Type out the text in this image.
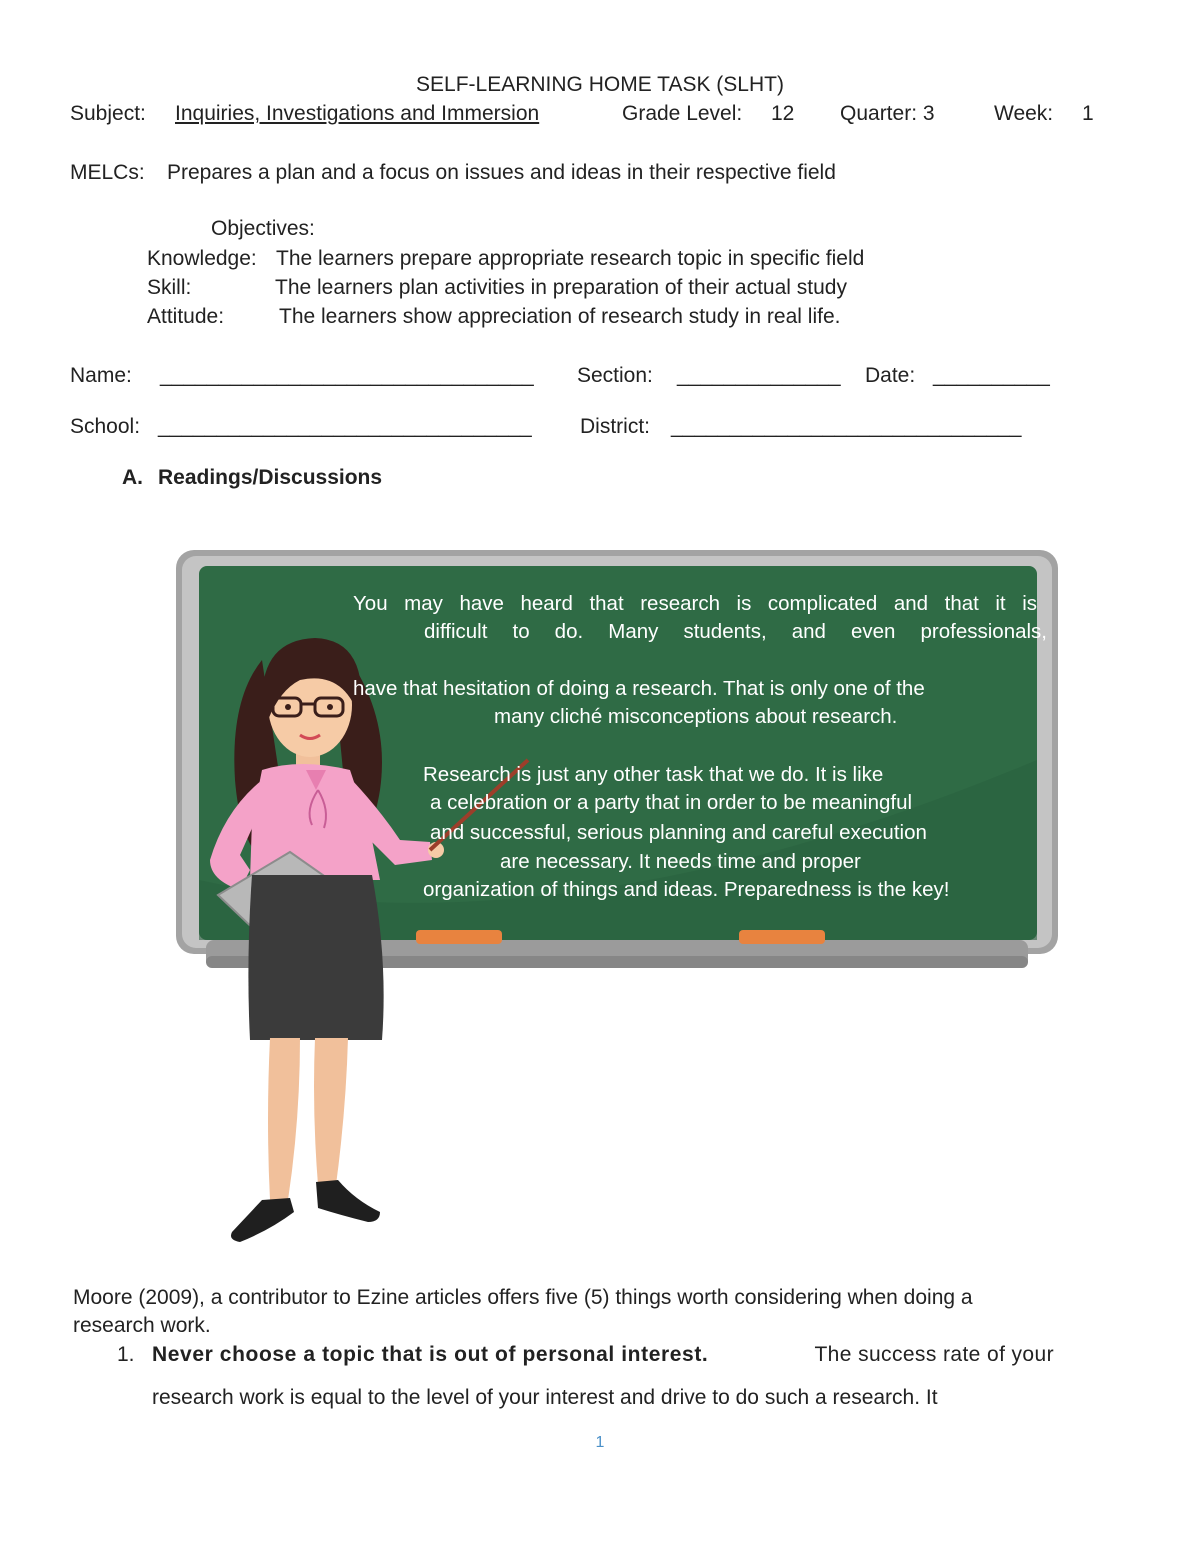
SELF-LEARNING HOME TASK (SLHT)
Subject: Inquiries, Investigations and Immersion	Grade Level: 12 Quarter: 3	Week: 1
MELCs: Prepares a plan and a focus on issues and ideas in their respective field
Objectives:
Knowledge: The learners prepare appropriate research topic in specific field
Skill:	The learners plan activities in preparation of their actual study
Attitude:	The learners show appreciation of research study in real life.
Name: ________________________________ Section: ______________ Date: __________
School: ________________________________ District: ______________________________
A. Readings/Discussions
You may have heard that research is complicated and that it is
difficult to do. Many students, and even professionals,
have that hesitation of doing a research. That is only one of the
many cliché misconceptions about research.
Research is just any other task that we do. It is like
a celebration or a party that in order to be meaningful
and successful, serious planning and careful execution
are necessary. It needs time and proper
organization of things and ideas. Preparedness is the key!
Moore (2009), a contributor to Ezine articles offers five (5) things worth considering when doing a
research work.
1. Never choose a topic that is out of personal interest.	The success rate of your
research work is equal to the level of your interest and drive to do such a research. It
1
